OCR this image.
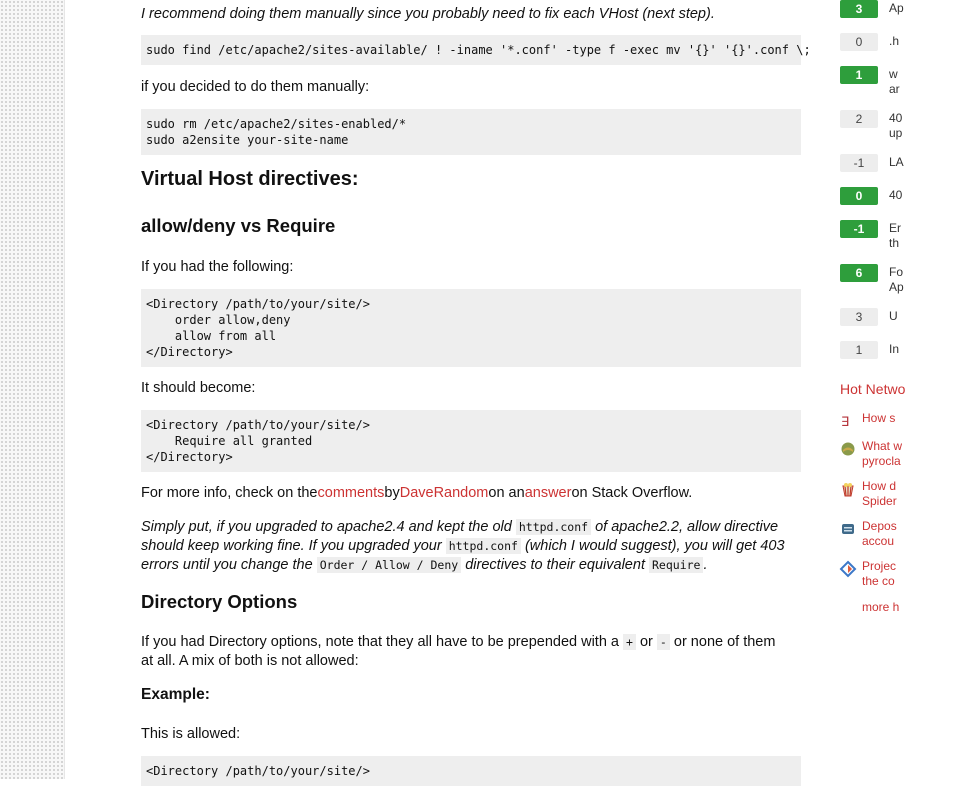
I recommend doing them manually since you probably need to fix each VHost (next step).

sudo find /etc/apache2/sites-available/ ! -iname '*.conf' -type f -exec mv '{}' '{}'.conf \;

if you decided to do them manually:

sudo rm /etc/apache2/sites-enabled/*
sudo a2ensite your-site-name
Virtual Host directives:
allow/deny vs Require

If you had the following:

<Directory /path/to/your/site/>
order allow,deny
allow from all
</Directory>

It should become:

<Directory /path/to/your/site/>
Require all granted
</Directory>

For more info, check on thecommentsbyDaveRandomon anansweron Stack Overflow.

Simply put, if you upgraded to apache2.4 and kept the old httpd.conf of apache2.2, allow directive should keep working fine. If you upgraded your httpd.conf (which I would suggest), you will get 403 errors until you change the Order / Allow / Deny directives to their equivalent Require .

Directory Options

If you had Directory options, note that they all have to be prepended with a + or - or none of them at all. A mix of both is not allowed:

Example:

This is allowed:

<Directory /path/to/your/site/>
3	Ap
0	.h
1	w
ar
2	40
up
-1	LA
0	40
-1	Er
th
6	Fo
Ap
3	U
1	In
Hot Netwo
∃ How s
What w
pyrocla
How d
Spider
Depos
accou
Projec
the co
more h
